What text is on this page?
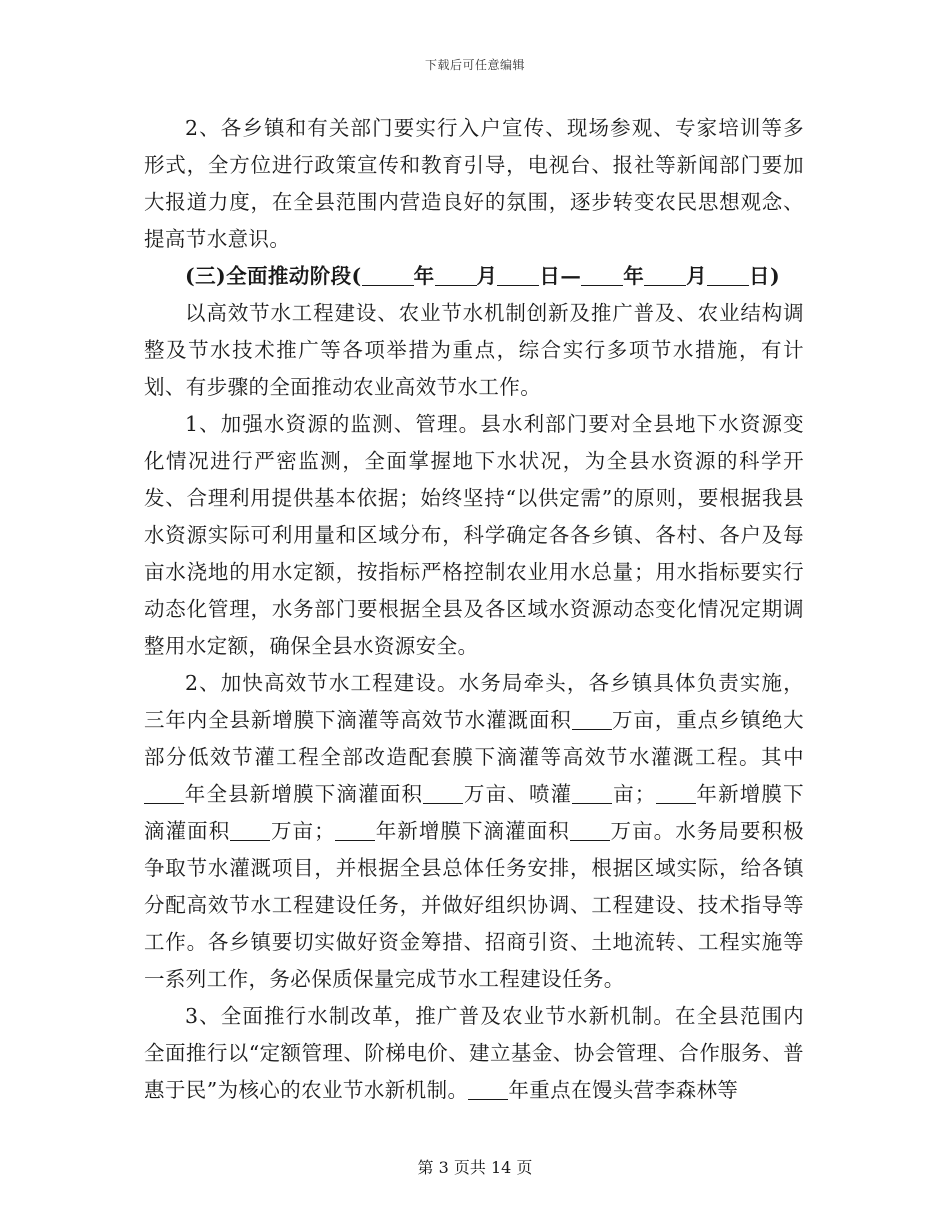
下载后可任意编辑

2、各乡镇和有关部门要实行入户宣传、现场参观、专家培训等多形式，全方位进行政策宣传和教育引导，电视台、报社等新闻部门要加大报道力度，在全县范围内营造良好的氛围，逐步转变农民思想观念、提高节水意识。

(三)全面推动阶段(	年 月 日— 年 月 日)

以高效节水工程建设、农业节水机制创新及推广普及、农业结构调整及节水技术推广等各项举措为重点，综合实行多项节水措施，有计划、有步骤的全面推动农业高效节水工作。

1、加强水资源的监测、管理。县水利部门要对全县地下水资源变化情况进行严密监测，全面掌握地下水状况，为全县水资源的科学开发、合理利用提供基本依据；始终坚持“以供定需”的原则，要根据我县水资源实际可利用量和区域分布，科学确定各各乡镇、各村、各户及每亩水浇地的用水定额，按指标严格控制农业用水总量；用水指标要实行动态化管理，水务部门要根据全县及各区域水资源动态变化情况定期调整用水定额，确保全县水资源安全。

2、加快高效节水工程建设。水务局牵头，各乡镇具体负责实施，三年内全县新增膜下滴灌等高效节水灌溉面积 万亩，重点乡镇绝大部分低效节灌工程全部改造配套膜下滴灌等高效节水灌溉工程。其中年全县新增膜下滴灌面积 万亩、喷灌 亩； 年新增膜下滴灌面积 万亩； 年新增膜下滴灌面积 万亩。水务局要积极争取节水灌溉项目，并根据全县总体任务安排，根据区域实际，给各镇分配高效节水工程建设任务，并做好组织协调、工程建设、技术指导等工作。各乡镇要切实做好资金筹措、招商引资、土地流转、工程实施等一系列工作，务必保质保量完成节水工程建设任务。

3、全面推行水制改革，推广普及农业节水新机制。在全县范围内全面推行以“定额管理、阶梯电价、建立基金、协会管理、合作服务、普惠于民”为核心的农业节水新机制。 年重点在馒头营李森林等

第 3 页共 14 页
